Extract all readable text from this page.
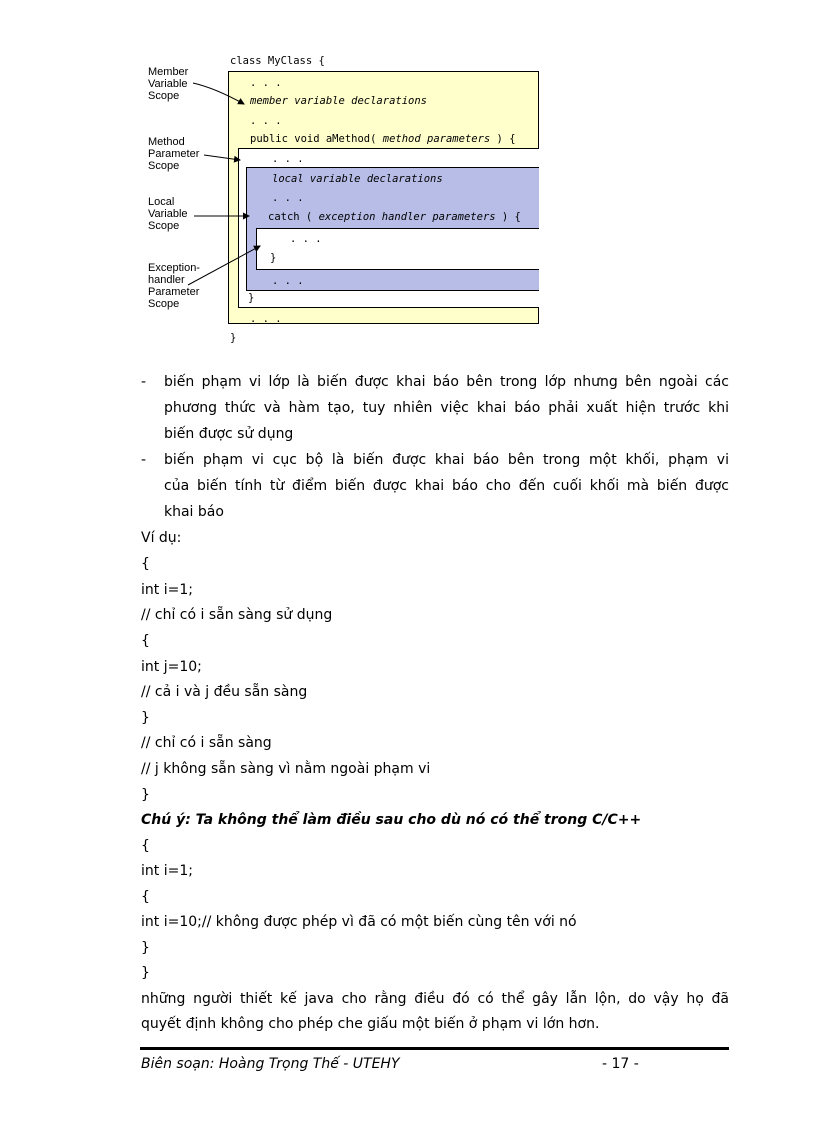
class MyClass {
. . .
member variable declarations
. . .
public void aMethod( method parameters ) {
. . .
local variable declarations
. . .
catch ( exception handler parameters ) {
. . .
}
. . .
}
. . .
}
Member
Variable
Scope
Method
Parameter
Scope
Local
Variable
Scope
Exception-
handler
Parameter
Scope
- biến phạm vi lớp là biến được khai báo bên trong lớp nhưng bên ngoài các
phương thức và hàm tạo, tuy nhiên việc khai báo phải xuất hiện trước khi
biến được sử dụng
- biến phạm vi cục bộ là biến được khai báo bên trong một khối, phạm vi
của biến tính từ điểm biến được khai báo cho đến cuối khối mà biến được
khai báo
Ví dụ:
{
int i=1;
// chỉ có i sẵn sàng sử dụng
{
int j=10;
// cả i và j đều sẵn sàng
}
// chỉ có i sẵn sàng
// j không sẵn sàng vì nằm ngoài phạm vi
}
Chú ý: Ta không thể làm điều sau cho dù nó có thể trong C/C++
{
int i=1;
{
int i=10;// không được phép vì đã có một biến cùng tên với nó
}
}
những người thiết kế java cho rằng điều đó có thể gây lẫn lộn, do vậy họ đã
quyết định không cho phép che giấu một biến ở phạm vi lớn hơn.
Biên soạn: Hoàng Trọng Thế - UTEHY	- 17 -
